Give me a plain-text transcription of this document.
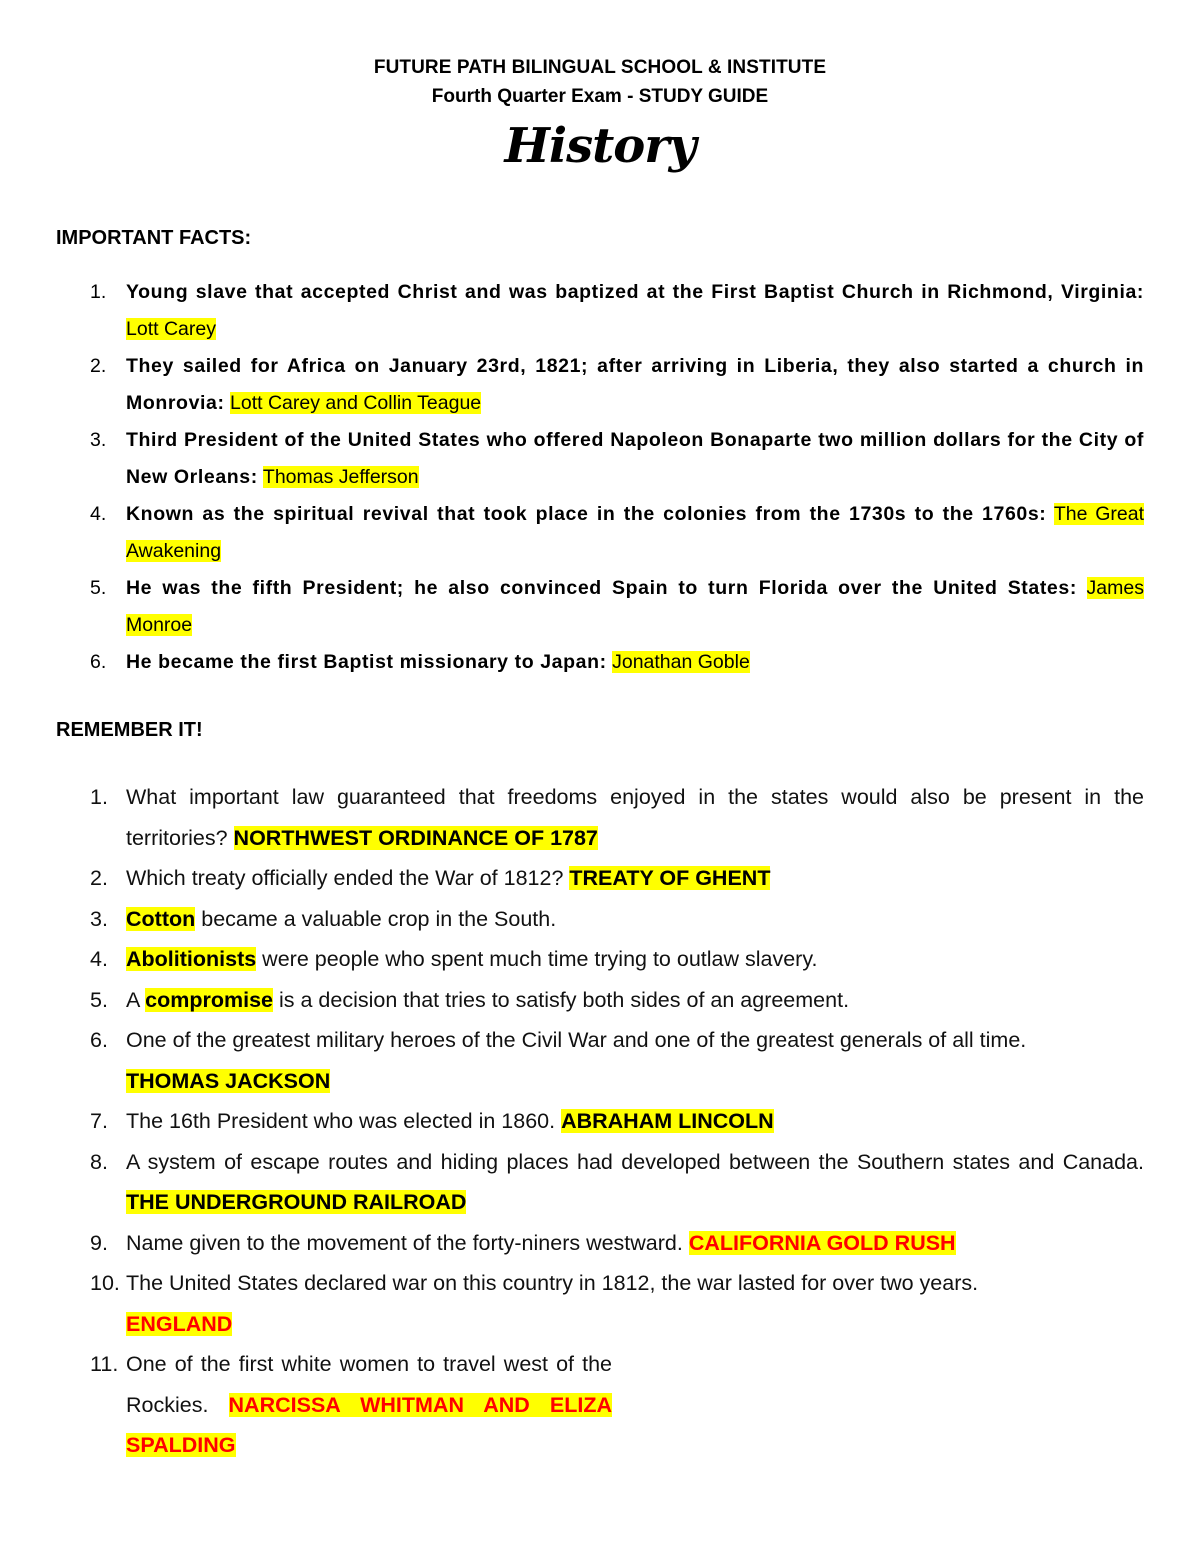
FUTURE PATH BILINGUAL SCHOOL & INSTITUTE
Fourth Quarter Exam - STUDY GUIDE
History
IMPORTANT FACTS:
1. Young slave that accepted Christ and was baptized at the First Baptist Church in Richmond, Virginia: Lott Carey
2. They sailed for Africa on January 23rd, 1821; after arriving in Liberia, they also started a church in Monrovia: Lott Carey and Collin Teague
3. Third President of the United States who offered Napoleon Bonaparte two million dollars for the City of New Orleans: Thomas Jefferson
4. Known as the spiritual revival that took place in the colonies from the 1730s to the 1760s: The Great Awakening
5. He was the fifth President; he also convinced Spain to turn Florida over the United States: James Monroe
6. He became the first Baptist missionary to Japan: Jonathan Goble
REMEMBER IT!
1. What important law guaranteed that freedoms enjoyed in the states would also be present in the territories? NORTHWEST ORDINANCE OF 1787
2. Which treaty officially ended the War of 1812? TREATY OF GHENT
3. Cotton became a valuable crop in the South.
4. Abolitionists were people who spent much time trying to outlaw slavery.
5. A compromise is a decision that tries to satisfy both sides of an agreement.
6. One of the greatest military heroes of the Civil War and one of the greatest generals of all time.
THOMAS JACKSON
7. The 16th President who was elected in 1860. ABRAHAM LINCOLN
8. A system of escape routes and hiding places had developed between the Southern states and Canada. THE UNDERGROUND RAILROAD
9. Name given to the movement of the forty-niners westward. CALIFORNIA GOLD RUSH
10. The United States declared war on this country in 1812, the war lasted for over two years.
ENGLAND
11. One of the first white women to travel west of the Rockies. NARCISSA WHITMAN AND ELIZA SPALDING
